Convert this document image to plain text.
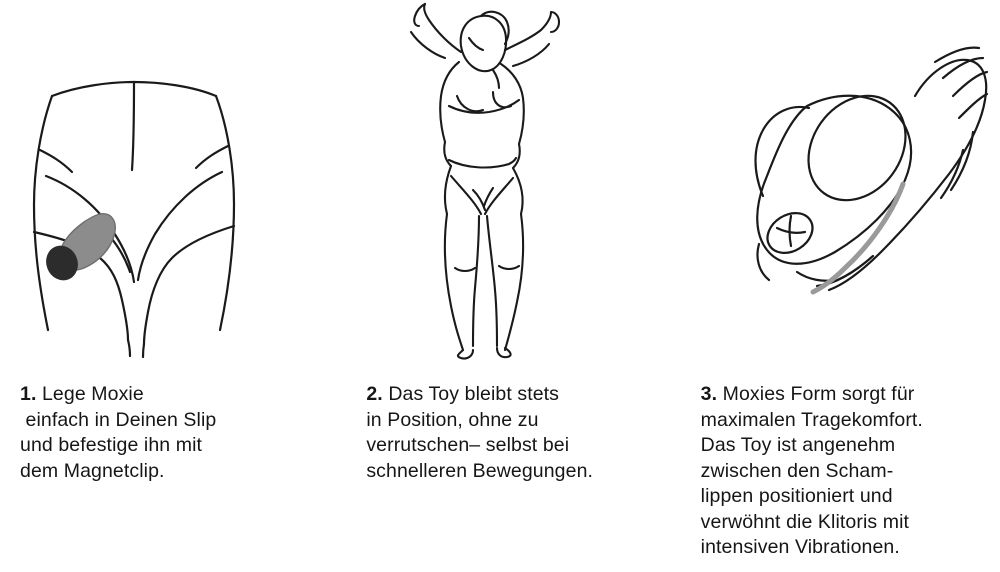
1. Lege Moxie
einfach in Deinen Slip
und befestige ihn mit
dem Magnetclip.
2. Das Toy bleibt stets
in Position, ohne zu
verrutschen– selbst bei
schnelleren Bewegungen.
3. Moxies Form sorgt für
maximalen Tragekomfort.
Das Toy ist angenehm
zwischen den Scham-
lippen positioniert und
verwöhnt die Klitoris mit
intensiven Vibrationen.
